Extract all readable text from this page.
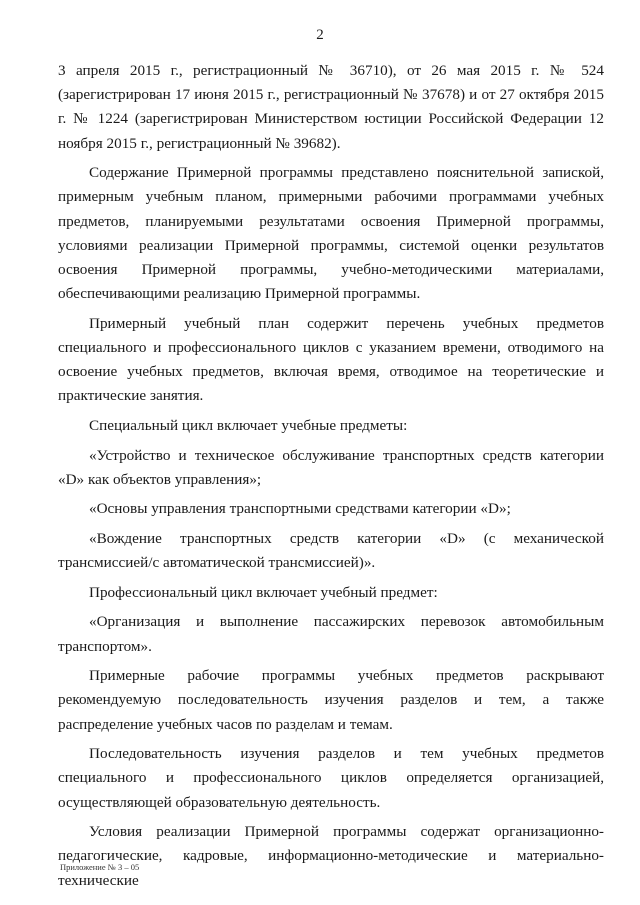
2

3 апреля 2015 г., регистрационный № 36710), от 26 мая 2015 г. № 524 (зарегистрирован 17 июня 2015 г., регистрационный № 37678) и от 27 октября 2015 г. № 1224 (зарегистрирован Министерством юстиции Российской Федерации 12 ноября 2015 г., регистрационный № 39682).

Содержание Примерной программы представлено пояснительной запиской, примерным учебным планом, примерными рабочими программами учебных предметов, планируемыми результатами освоения Примерной программы, условиями реализации Примерной программы, системой оценки результатов освоения Примерной программы, учебно-методическими материалами, обеспечивающими реализацию Примерной программы.

Примерный учебный план содержит перечень учебных предметов специального и профессионального циклов с указанием времени, отводимого на освоение учебных предметов, включая время, отводимое на теоретические и практические занятия.

Специальный цикл включает учебные предметы:

«Устройство и техническое обслуживание транспортных средств категории «D» как объектов управления»;

«Основы управления транспортными средствами категории «D»;

«Вождение транспортных средств категории «D» (с механической трансмиссией/с автоматической трансмиссией)».

Профессиональный цикл включает учебный предмет:

«Организация и выполнение пассажирских перевозок автомобильным транспортом».

Примерные рабочие программы учебных предметов раскрывают рекомендуемую последовательность изучения разделов и тем, а также распределение учебных часов по разделам и темам.

Последовательность изучения разделов и тем учебных предметов специального и профессионального циклов определяется организацией, осуществляющей образовательную деятельность.

Условия реализации Примерной программы содержат организационно-педагогические, кадровые, информационно-методические и материально-технические

Приложение № 3 – 05
